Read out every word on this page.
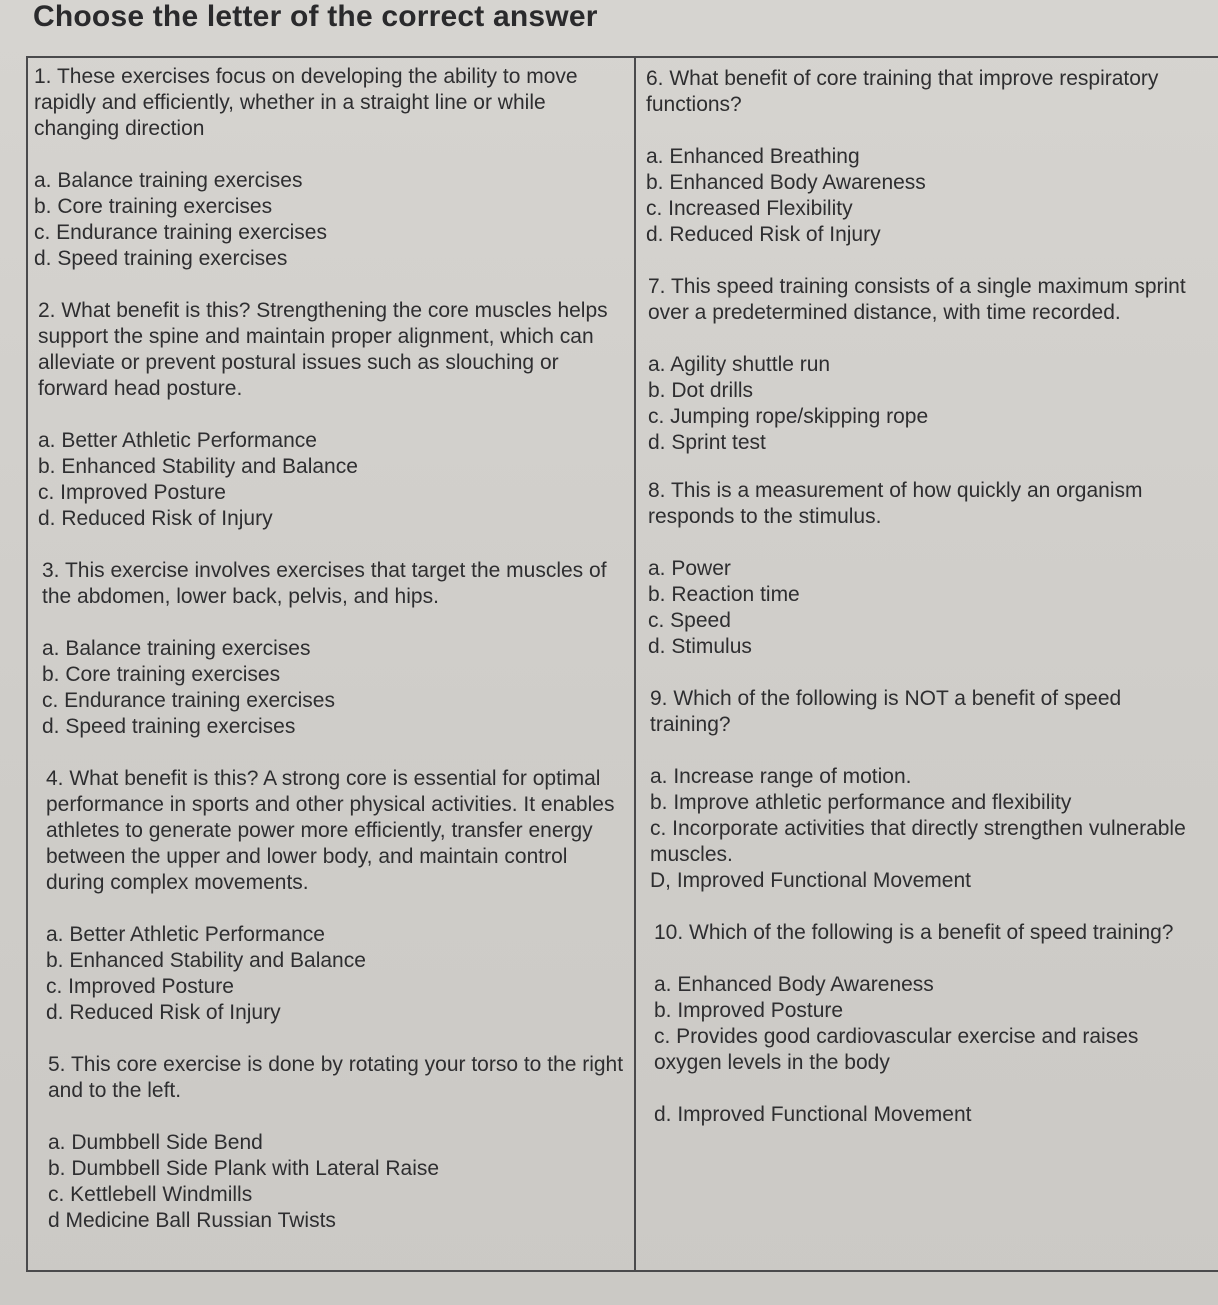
Choose the letter of the correct answer
1. These exercises focus on developing the ability to move rapidly and efficiently, whether in a straight line or while changing direction
a. Balance training exercises
b. Core training exercises
c. Endurance training exercises
d. Speed training exercises
2. What benefit is this? Strengthening the core muscles helps support the spine and maintain proper alignment, which can alleviate or prevent postural issues such as slouching or forward head posture.
a. Better Athletic Performance
b. Enhanced Stability and Balance
c. Improved Posture
d. Reduced Risk of Injury
3. This exercise involves exercises that target the muscles of the abdomen, lower back, pelvis, and hips.
a. Balance training exercises
b. Core training exercises
c. Endurance training exercises
d. Speed training exercises
4. What benefit is this? A strong core is essential for optimal performance in sports and other physical activities. It enables athletes to generate power more efficiently, transfer energy between the upper and lower body, and maintain control during complex movements.
a. Better Athletic Performance
b. Enhanced Stability and Balance
c. Improved Posture
d. Reduced Risk of Injury
5. This core exercise is done by rotating your torso to the right and to the left.
a. Dumbbell Side Bend
b. Dumbbell Side Plank with Lateral Raise
c. Kettlebell Windmills
d Medicine Ball Russian Twists
6. What benefit of core training that improve respiratory functions?
a. Enhanced Breathing
b. Enhanced Body Awareness
c. Increased Flexibility
d. Reduced Risk of Injury
7. This speed training consists of a single maximum sprint over a predetermined distance, with time recorded.
a. Agility shuttle run
b. Dot drills
c. Jumping rope/skipping rope
d. Sprint test
8. This is a measurement of how quickly an organism responds to the stimulus.
a. Power
b. Reaction time
c. Speed
d. Stimulus
9. Which of the following is NOT a benefit of speed training?
a. Increase range of motion.
b. Improve athletic performance and flexibility
c. Incorporate activities that directly strengthen vulnerable muscles.
D, Improved Functional Movement
10. Which of the following is a benefit of speed training?
a. Enhanced Body Awareness
b. Improved Posture
c. Provides good cardiovascular exercise and raises oxygen levels in the body
d. Improved Functional Movement
